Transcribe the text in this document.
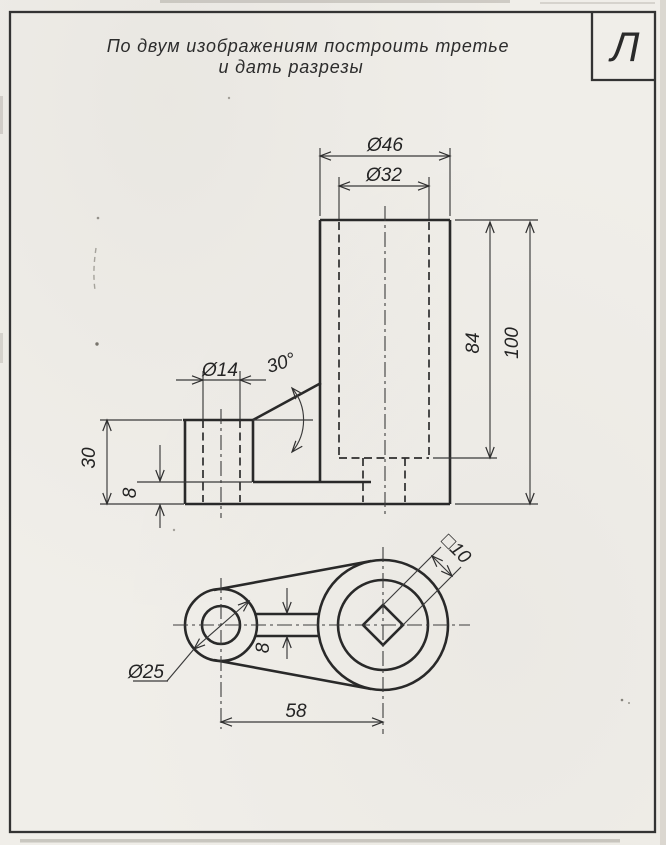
По двум изображениям построить третье
и дать разрезы	Л
Ø46
Ø32
84 100
Ø14 30°
30
8
Ø25
8
58
□10
